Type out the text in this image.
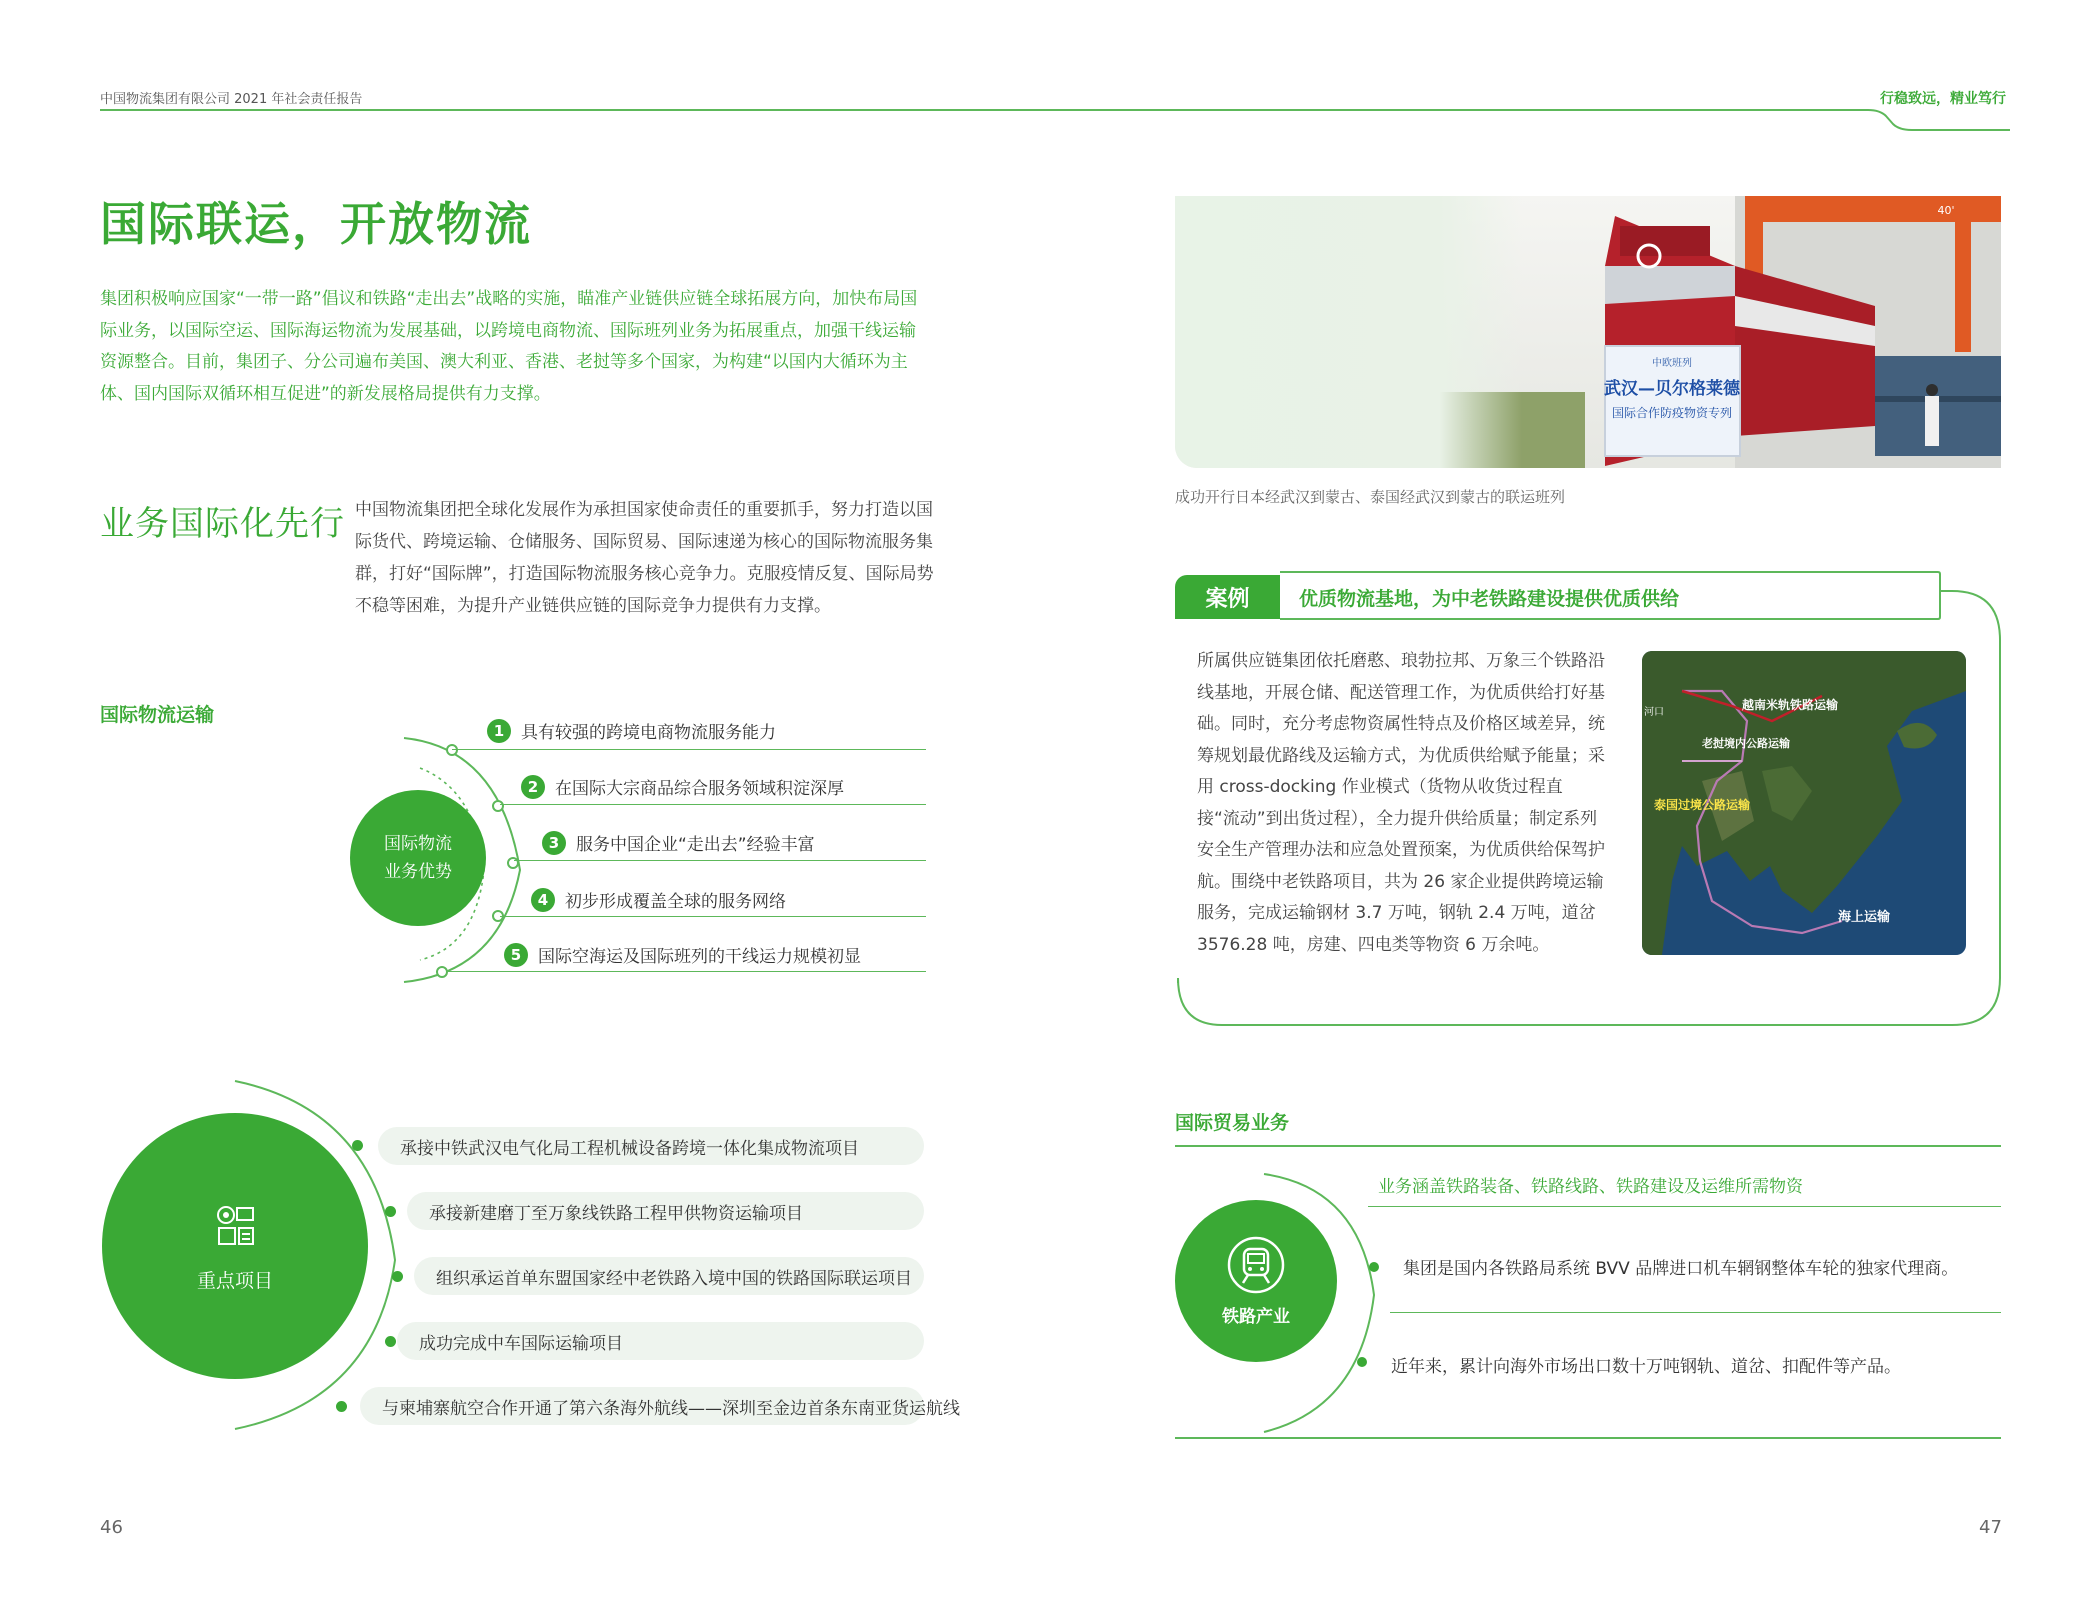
中国物流集团有限公司 2021 年社会责任报告	行稳致远，精业笃行
国际联运，开放物流
集团积极响应国家“一带一路”倡议和铁路“走出去”战略的实施，瞄准产业链供应链全球拓展方向，加快布局国际业务，以国际空运、国际海运物流为发展基础，以跨境电商物流、国际班列业务为拓展重点，加强干线运输资源整合。目前，集团子、分公司遍布美国、澳大利亚、香港、老挝等多个国家，为构建“以国内大循环为主体、国内国际双循环相互促进”的新发展格局提供有力支撑。
业务国际化先行 中国物流集团把全球化发展作为承担国家使命责任的重要抓手，努力打造以国际货代、跨境运输、仓储服务、国际贸易、国际速递为核心的国际物流服务集群，打好“国际牌”，打造国际物流服务核心竞争力。克服疫情反复、国际局势不稳等困难，为提升产业链供应链的国际竞争力提供有力支撑。
国际物流运输
国际物流
业务优势
1 具有较强的跨境电商物流服务能力
2 在国际大宗商品综合服务领域积淀深厚
3 服务中国企业“走出去”经验丰富
4 初步形成覆盖全球的服务网络
5 国际空海运及国际班列的干线运力规模初显
重点项目
承接中铁武汉电气化局工程机械设备跨境一体化集成物流项目
承接新建磨丁至万象线铁路工程甲供物资运输项目
组织承运首单东盟国家经中老铁路入境中国的铁路国际联运项目
成功完成中车国际运输项目
与柬埔寨航空合作开通了第六条海外航线——深圳至金边首条东南亚货运航线
46
成功开行日本经武汉到蒙古、泰国经武汉到蒙古的联运班列
案例	优质物流基地，为中老铁路建设提供优质供给
所属供应链集团依托磨憨、琅勃拉邦、万象三个铁路沿线基地，开展仓储、配送管理工作，为优质供给打好基础。同时，充分考虑物资属性特点及价格区域差异，统筹规划最优路线及运输方式，为优质供给赋予能量；采用 cross-docking 作业模式（货物从收货过程直接“流动”到出货过程），全力提升供给质量；制定系列安全生产管理办法和应急处置预案，为优质供给保驾护航。围绕中老铁路项目，共为 26 家企业提供跨境运输服务，完成运输钢材 3.7 万吨，钢轨 2.4 万吨，道岔 3576.28 吨，房建、四电类等物资 6 万余吨。
越南米轨铁路运输
老挝境内公路运输
泰国过境公路运输
海上运输
河口
国际贸易业务
业务涵盖铁路装备、铁路线路、铁路建设及运维所需物资
铁路产业
集团是国内各铁路局系统 BVV 品牌进口机车辋钢整体车轮的独家代理商。
近年来，累计向海外市场出口数十万吨钢轨、道岔、扣配件等产品。
47
